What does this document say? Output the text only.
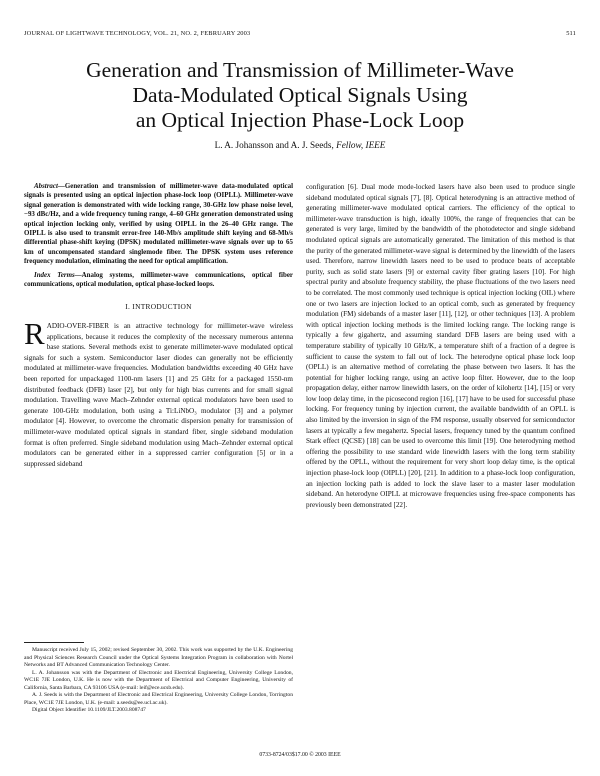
JOURNAL OF LIGHTWAVE TECHNOLOGY, VOL. 21, NO. 2, FEBRUARY 2003	511
Generation and Transmission of Millimeter-Wave
Data-Modulated Optical Signals Using
an Optical Injection Phase-Lock Loop
L. A. Johansson and A. J. Seeds, Fellow, IEEE

Abstract—Generation and transmission of millimeter-wave data-modulated optical signals is presented using an optical injection phase-lock loop (OIPLL). Millimeter-wave signal generation is demonstrated with wide locking range, 30-GHz low phase noise level, −93 dBc/Hz, and a wide frequency tuning range, 4–60 GHz generation demonstrated using optical injection locking only, verified by using OIPLL in the 26–40 GHz range. The OIPLL is also used to transmit error-free 140-Mb/s amplitude shift keying and 68-Mb/s differential phase-shift keying (DPSK) modulated millimeter-wave signals over up to 65 km of uncompensated standard singlemode fiber. The DPSK system uses reference frequency modulation, eliminating the need for optical amplification.

Index Terms—Analog systems, millimeter-wave communications, optical fiber communications, optical modulation, optical phase-locked loops.

I. INTRODUCTION

RADIO-OVER-FIBER is an attractive technology for millimeter-wave wireless applications, because it reduces the complexity of the necessary numerous antenna base stations. Several methods exist to generate millimeter-wave modulated optical signals for such a system. Semiconductor laser diodes can generally not be efficiently modulated at millimeter-wave frequencies. Modulation bandwidths exceeding 40 GHz have been reported for unpackaged 1100-nm lasers [1] and 25 GHz for a packaged 1550-nm distributed feedback (DFB) laser [2], but only for high bias currents and for small signal modulation. Travelling wave Mach–Zehnder external optical modulators have been used to generate 100-GHz modulation, both using a Ti:LiNbO₃ modulator [3] and a polymer modulator [4]. However, to overcome the chromatic dispersion penalty for transmission of millimeter-wave modulated optical signals in standard fiber, single sideband modulation format is often preferred. Single sideband modulation using Mach–Zehnder external optical modulators can be generated either in a suppressed carrier configuration [5] or in a suppressed sideband

Manuscript received July 15, 2002; revised September 30, 2002. This work was supported by the U.K. Engineering and Physical Sciences Research Council under the Optical Systems Integration Program in collaboration with Nortel Networks and BT Advanced Communication Technology Center.

L. A. Johansson was with the Department of Electronic and Electrical Engineering, University College London, WC1E 7JE London, U.K. He is now with the Department of Electrical and Computer Engineering, University of California, Santa Barbara, CA 93106 USA (e-mail: leif@ece.ucsb.edu).

A. J. Seeds is with the Department of Electronic and Electrical Engineering, University College London, Torrington Place, WC1E 7JE London, U.K. (e-mail: a.seeds@ee.ucl.ac.uk).

Digital Object Identifier 10.1109/JLT.2003.808747

configuration [6]. Dual mode mode-locked lasers have also been used to produce single sideband modulated optical signals [7], [8]. Optical heterodyning is an attractive method of generating millimeter-wave modulated optical carriers. The efficiency of the optical to millimeter-wave transduction is high, ideally 100%, the range of frequencies that can be generated is very large, limited by the bandwidth of the photodetector and single sideband modulated optical signals are automatically generated. The limitation of this method is that the purity of the generated millimeter-wave signal is determined by the linewidth of the lasers used. Therefore, narrow linewidth lasers need to be used to produce beats of acceptable purity, such as solid state lasers [9] or external cavity fiber grating lasers [10]. For high spectral purity and absolute frequency stability, the phase fluctuations of the two lasers need to be correlated. The most commonly used technique is optical injection locking (OIL) where one or two lasers are injection locked to an optical comb, such as generated by frequency modulation (FM) sidebands of a master laser [11], [12], or other techniques [13]. A problem with optical injection locking methods is the limited locking range. The locking range is typically a few gigahertz, and assuming standard DFB lasers are being used with a temperature stability of typically 10 GHz/K, a temperature shift of a fraction of a degree is sufficient to cause the system to fall out of lock. The heterodyne optical phase lock loop (OPLL) is an alternative method of correlating the phase between two lasers. It has the potential for higher locking range, using an active loop filter. However, due to the loop propagation delay, either narrow linewidth lasers, on the order of kilohertz [14], [15] or very low loop delay time, in the picosecond region [16], [17] have to be used for successful phase locking. For frequency tuning by injection current, the available bandwidth of an OPLL is also limited by the inversion in sign of the FM response, usually observed for semiconductor lasers at typically a few megahertz. Special lasers, frequency tuned by the quantum confined Stark effect (QCSE) [18] can be used to overcome this limit [19]. One heterodyning method offering the possibility to use standard wide linewidth lasers with the long term stability offered by the OPLL, without the requirement for very short loop delay time, is the optical injection phase-lock loop (OIPLL) [20], [21]. In addition to a phase-lock loop configuration, an injection locking path is added to lock the slave laser to a master laser modulation sideband. An heterodyne OIPLL at microwave frequencies using free-space components has previously been demonstrated [22].

0733-8724/03$17.00 © 2003 IEEE
